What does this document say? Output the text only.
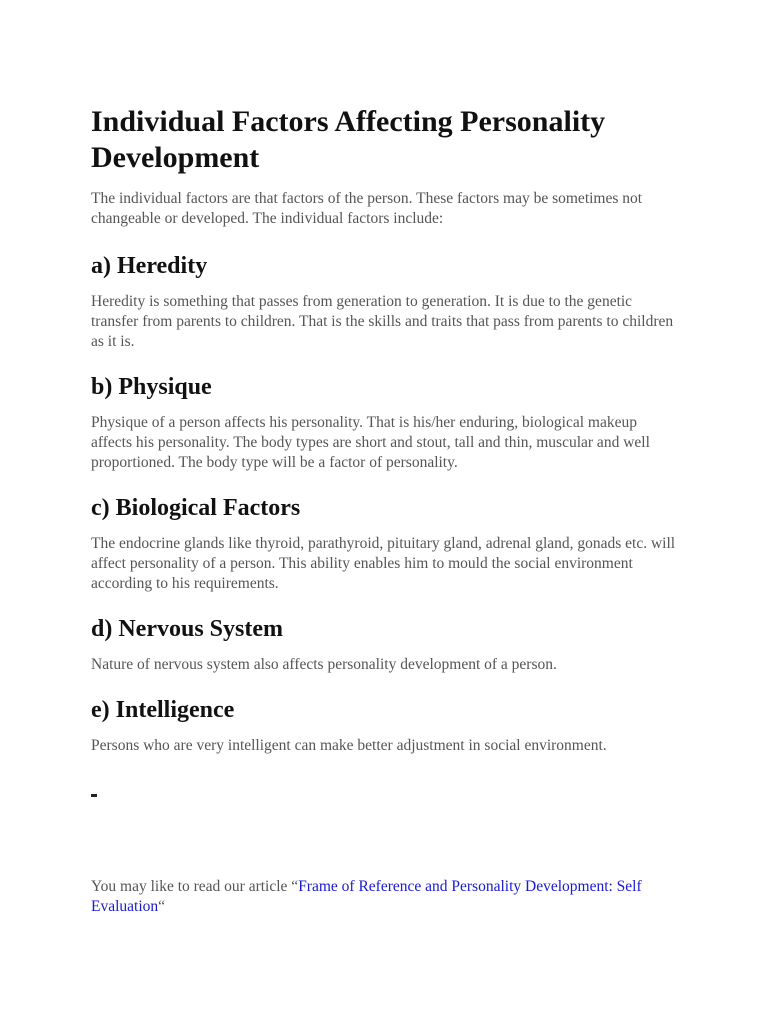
Individual Factors Affecting Personality Development

The individual factors are that factors of the person. These factors may be sometimes not changeable or developed. The individual factors include:

a) Heredity

Heredity is something that passes from generation to generation. It is due to the genetic transfer from parents to children. That is the skills and traits that pass from parents to children as it is.

b) Physique

Physique of a person affects his personality. That is his/her enduring, biological makeup affects his personality. The body types are short and stout, tall and thin, muscular and well proportioned. The body type will be a factor of personality.

c) Biological Factors

The endocrine glands like thyroid, parathyroid, pituitary gland, adrenal gland, gonads etc. will affect personality of a person. This ability enables him to mould the social environment according to his requirements.

d) Nervous System

Nature of nervous system also affects personality development of a person.

e) Intelligence

Persons who are very intelligent can make better adjustment in social environment.

You may like to read our article “Frame of Reference and Personality Development: Self Evaluation“
